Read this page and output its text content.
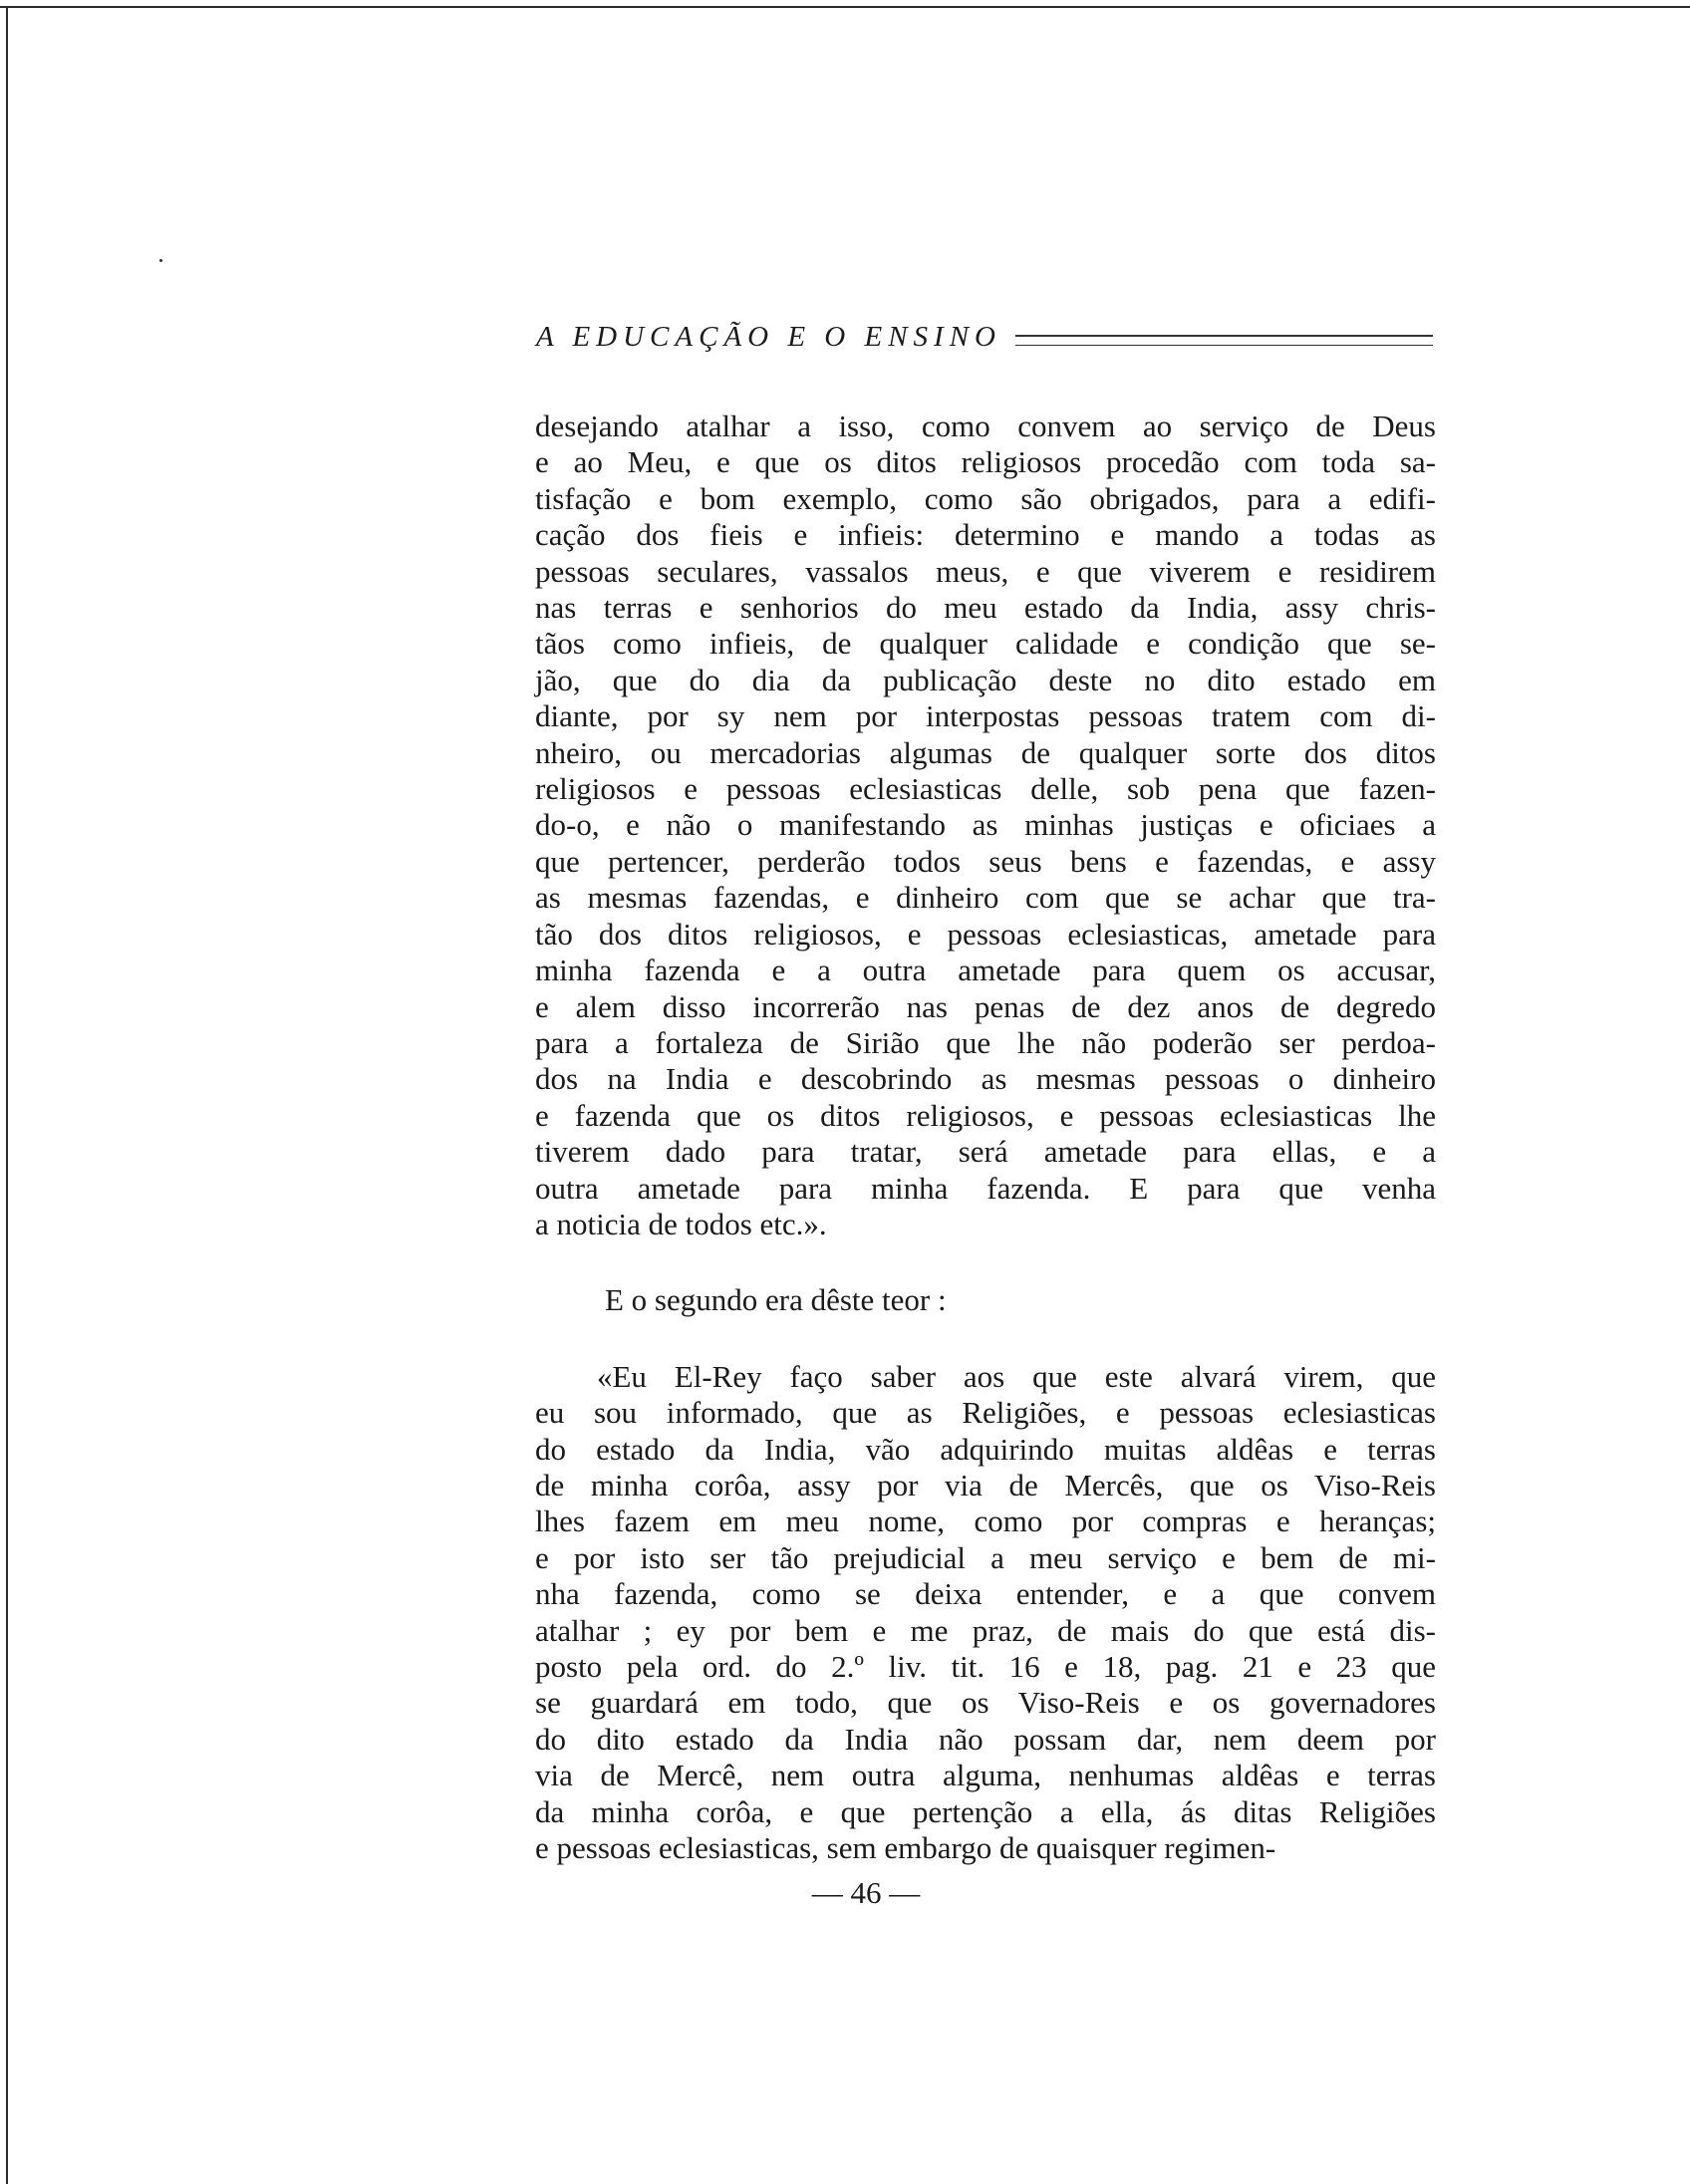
A EDUCAÇÃO E O ENSINO
desejando atalhar a isso, como convem ao serviço de Deus
e ao Meu, e que os ditos religiosos procedão com toda sa-
tisfação e bom exemplo, como são obrigados, para a edifi-
cação dos fieis e infieis: determino e mando a todas as
pessoas seculares, vassalos meus, e que viverem e residirem
nas terras e senhorios do meu estado da India, assy chris-
tãos como infieis, de qualquer calidade e condição que se-
jão, que do dia da publicação deste no dito estado em
diante, por sy nem por interpostas pessoas tratem com di-
nheiro, ou mercadorias algumas de qualquer sorte dos ditos
religiosos e pessoas eclesiasticas delle, sob pena que fazen-
do-o, e não o manifestando as minhas justiças e oficiaes a
que pertencer, perderão todos seus bens e fazendas, e assy
as mesmas fazendas, e dinheiro com que se achar que tra-
tão dos ditos religiosos, e pessoas eclesiasticas, ametade para
minha fazenda e a outra ametade para quem os accusar,
e alem disso incorrerão nas penas de dez anos de degredo
para a fortaleza de Sirião que lhe não poderão ser perdoa-
dos na India e descobrindo as mesmas pessoas o dinheiro
e fazenda que os ditos religiosos, e pessoas eclesiasticas lhe
tiverem dado para tratar, será ametade para ellas, e a
outra ametade para minha fazenda. E para que venha
a noticia de todos etc.».
E o segundo era dêste teor :
«Eu El-Rey faço saber aos que este alvará virem, que
eu sou informado, que as Religiões, e pessoas eclesiasticas
do estado da India, vão adquirindo muitas aldêas e terras
de minha corôa, assy por via de Mercês, que os Viso-Reis
lhes fazem em meu nome, como por compras e heranças;
e por isto ser tão prejudicial a meu serviço e bem de mi-
nha fazenda, como se deixa entender, e a que convem
atalhar ; ey por bem e me praz, de mais do que está dis-
posto pela ord. do 2.º liv. tit. 16 e 18, pag. 21 e 23 que
se guardará em todo, que os Viso-Reis e os governadores
do dito estado da India não possam dar, nem deem por
via de Mercê, nem outra alguma, nenhumas aldêas e terras
da minha corôa, e que pertenção a ella, ás ditas Religiões
e pessoas eclesiasticas, sem embargo de quaisquer regimen-
— 46 —
